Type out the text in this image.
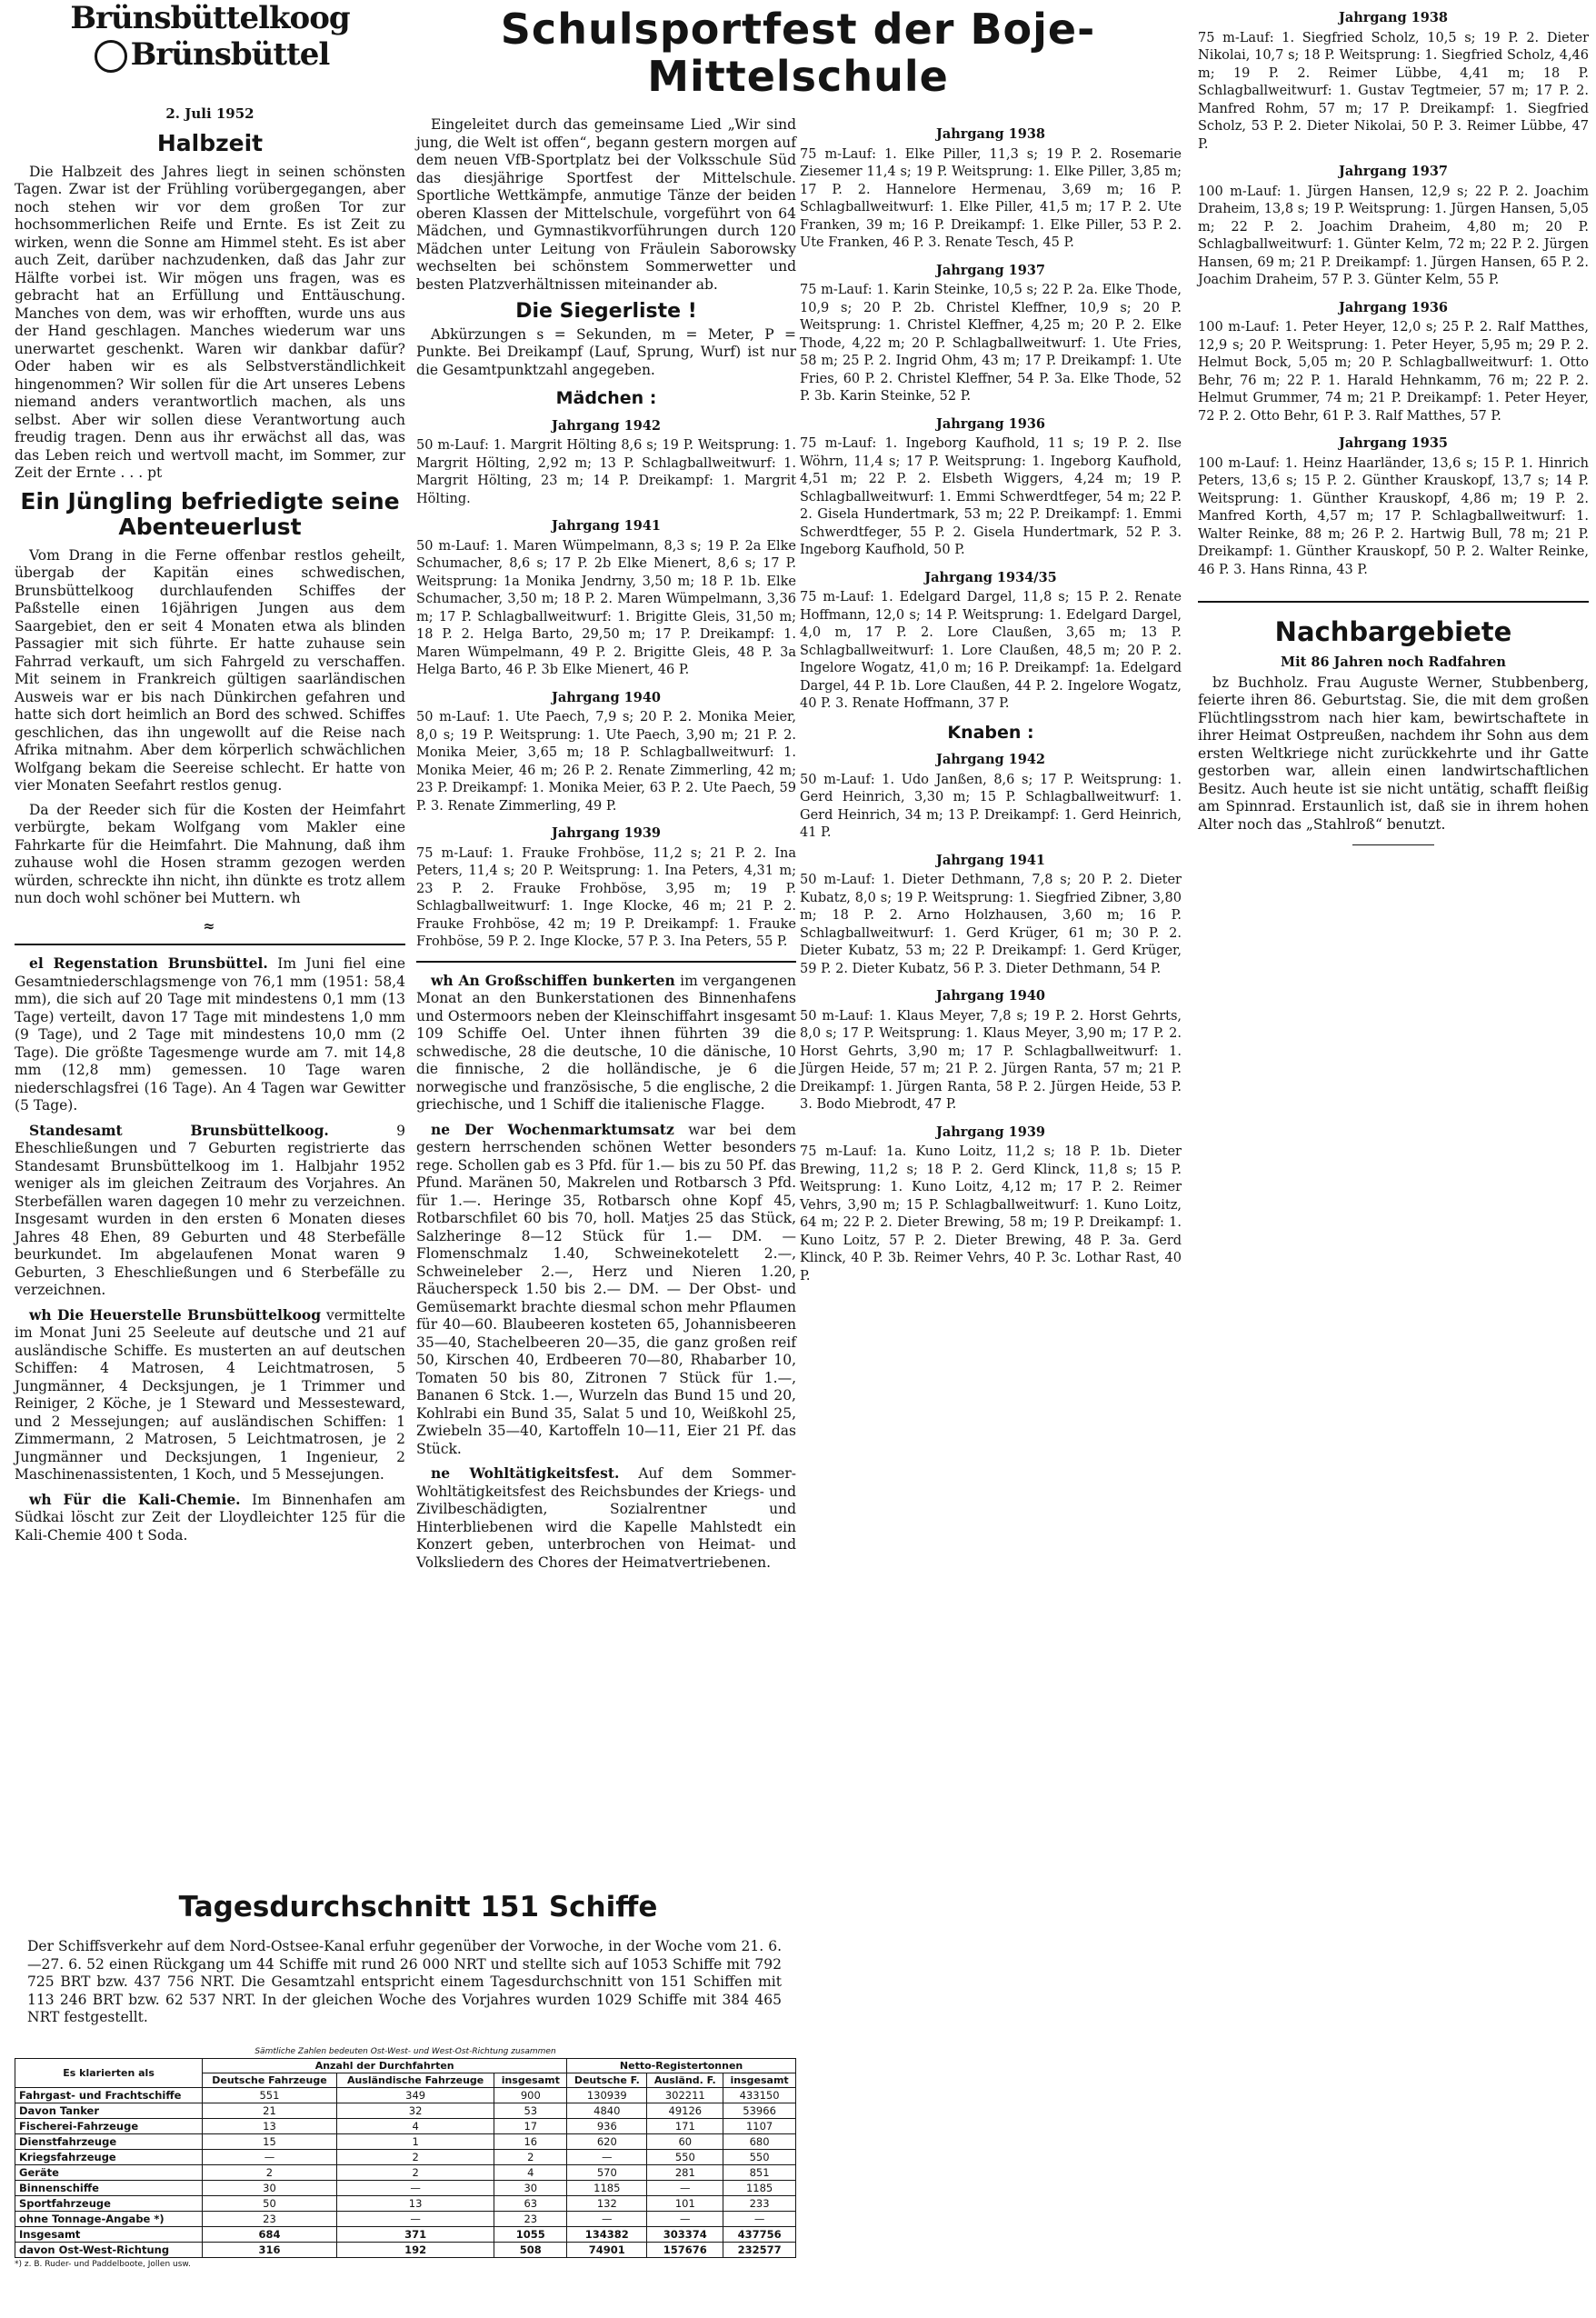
Brünsbüttelkoog
Brünsbüttel
2. Juli 1952
Halbzeit

Die Halbzeit des Jahres liegt in seinen schönsten Tagen. Zwar ist der Frühling vorübergegangen, aber noch stehen wir vor dem großen Tor zur hochsommerlichen Reife und Ernte. Es ist Zeit zu wirken, wenn die Sonne am Himmel steht. Es ist aber auch Zeit, darüber nachzudenken, daß das Jahr zur Hälfte vorbei ist. Wir mögen uns fragen, was es gebracht hat an Erfüllung und Enttäuschung. Manches von dem, was wir erhofften, wurde uns aus der Hand geschlagen. Manches wiederum war uns unerwartet geschenkt. Waren wir dankbar dafür? Oder haben wir es als Selbstverständlichkeit hingenommen? Wir sollen für die Art unseres Lebens niemand anders verantwortlich machen, als uns selbst. Aber wir sollen diese Verantwortung auch freudig tragen. Denn aus ihr erwächst all das, was das Leben reich und wertvoll macht, im Sommer, zur Zeit der Ernte . . . pt

Ein Jüngling befriedigte seine Abenteuerlust

Vom Drang in die Ferne offenbar restlos geheilt, übergab der Kapitän eines schwedischen, Brunsbüttelkoog durchlaufenden Schiffes der Paßstelle einen 16jährigen Jungen aus dem Saargebiet, den er seit 4 Monaten etwa als blinden Passagier mit sich führte. Er hatte zuhause sein Fahrrad verkauft, um sich Fahrgeld zu verschaffen. Mit seinem in Frankreich gültigen saarländischen Ausweis war er bis nach Dünkirchen gefahren und hatte sich dort heimlich an Bord des schwed. Schiffes geschlichen, das ihn ungewollt auf die Reise nach Afrika mitnahm. Aber dem körperlich schwächlichen Wolfgang bekam die Seereise schlecht. Er hatte von vier Monaten Seefahrt restlos genug.

Da der Reeder sich für die Kosten der Heimfahrt verbürgte, bekam Wolfgang vom Makler eine Fahrkarte für die Heimfahrt. Die Mahnung, daß ihm zuhause wohl die Hosen stramm gezogen werden würden, schreckte ihn nicht, ihn dünkte es trotz allem nun doch wohl schöner bei Muttern. wh

≈

el Regenstation Brunsbüttel. Im Juni fiel eine Gesamtniederschlagsmenge von 76,1 mm (1951: 58,4 mm), die sich auf 20 Tage mit mindestens 0,1 mm (13 Tage) verteilt, davon 17 Tage mit mindestens 1,0 mm (9 Tage), und 2 Tage mit mindestens 10,0 mm (2 Tage). Die größte Tagesmenge wurde am 7. mit 14,8 mm (12,8 mm) gemessen. 10 Tage waren niederschlagsfrei (16 Tage). An 4 Tagen war Gewitter (5 Tage).

Standesamt Brunsbüttelkoog. 9 Eheschließungen und 7 Geburten registrierte das Standesamt Brunsbüttelkoog im 1. Halbjahr 1952 weniger als im gleichen Zeitraum des Vorjahres. An Sterbefällen waren dagegen 10 mehr zu verzeichnen. Insgesamt wurden in den ersten 6 Monaten dieses Jahres 48 Ehen, 89 Geburten und 48 Sterbefälle beurkundet. Im abgelaufenen Monat waren 9 Geburten, 3 Eheschließungen und 6 Sterbefälle zu verzeichnen.

wh Die Heuerstelle Brunsbüttelkoog vermittelte im Monat Juni 25 Seeleute auf deutsche und 21 auf ausländische Schiffe. Es musterten an auf deutschen Schiffen: 4 Matrosen, 4 Leichtmatrosen, 5 Jungmänner, 4 Decksjungen, je 1 Trimmer und Reiniger, 2 Köche, je 1 Steward und Messesteward, und 2 Messejungen; auf ausländischen Schiffen: 1 Zimmermann, 2 Matrosen, 5 Leichtmatrosen, je 2 Jungmänner und Decksjungen, 1 Ingenieur, 2 Maschinenassistenten, 1 Koch, und 5 Messejungen.

wh Für die Kali-Chemie. Im Binnenhafen am Südkai löscht zur Zeit der Lloydleichter 125 für die Kali-Chemie 400 t Soda.

Schulsportfest der Boje-Mittelschule

Eingeleitet durch das gemeinsame Lied „Wir sind jung, die Welt ist offen“, begann gestern morgen auf dem neuen VfB-Sportplatz bei der Volksschule Süd das diesjährige Sportfest der Mittelschule. Sportliche Wettkämpfe, anmutige Tänze der beiden oberen Klassen der Mittelschule, vorgeführt von 64 Mädchen, und Gymnastikvorführungen durch 120 Mädchen unter Leitung von Fräulein Saborowsky wechselten bei schönstem Sommerwetter und besten Platzverhältnissen miteinander ab.

Die Siegerliste !

Abkürzungen s = Sekunden, m = Meter, P = Punkte. Bei Dreikampf (Lauf, Sprung, Wurf) ist nur die Gesamtpunktzahl angegeben.

Mädchen :
Jahrgang 1942

50 m-Lauf: 1. Margrit Hölting 8,6 s; 19 P. Weitsprung: 1. Margrit Hölting, 2,92 m; 13 P. Schlagballweitwurf: 1. Margrit Hölting, 23 m; 14 P. Dreikampf: 1. Margrit Hölting.

Jahrgang 1941

50 m-Lauf: 1. Maren Wümpelmann, 8,3 s; 19 P. 2a Elke Schumacher, 8,6 s; 17 P. 2b Elke Mienert, 8,6 s; 17 P. Weitsprung: 1a Monika Jendrny, 3,50 m; 18 P. 1b. Elke Schumacher, 3,50 m; 18 P. 2. Maren Wümpelmann, 3,36 m; 17 P. Schlagballweitwurf: 1. Brigitte Gleis, 31,50 m; 18 P. 2. Helga Barto, 29,50 m; 17 P. Dreikampf: 1. Maren Wümpelmann, 49 P. 2. Brigitte Gleis, 48 P. 3a Helga Barto, 46 P. 3b Elke Mienert, 46 P.

Jahrgang 1940

50 m-Lauf: 1. Ute Paech, 7,9 s; 20 P. 2. Monika Meier, 8,0 s; 19 P. Weitsprung: 1. Ute Paech, 3,90 m; 21 P. 2. Monika Meier, 3,65 m; 18 P. Schlagballweitwurf: 1. Monika Meier, 46 m; 26 P. 2. Renate Zimmerling, 42 m; 23 P. Dreikampf: 1. Monika Meier, 63 P. 2. Ute Paech, 59 P. 3. Renate Zimmerling, 49 P.

Jahrgang 1939

75 m-Lauf: 1. Frauke Frohböse, 11,2 s; 21 P. 2. Ina Peters, 11,4 s; 20 P. Weitsprung: 1. Ina Peters, 4,31 m; 23 P. 2. Frauke Frohböse, 3,95 m; 19 P. Schlagballweitwurf: 1. Inge Klocke, 46 m; 21 P. 2. Frauke Frohböse, 42 m; 19 P. Dreikampf: 1. Frauke Frohböse, 59 P. 2. Inge Klocke, 57 P. 3. Ina Peters, 55 P.

wh An Großschiffen bunkerten im vergangenen Monat an den Bunkerstationen des Binnenhafens und Ostermoors neben der Kleinschiffahrt insgesamt 109 Schiffe Oel. Unter ihnen führten 39 die schwedische, 28 die deutsche, 10 die dänische, 10 die finnische, 2 die holländische, je 6 die norwegische und französische, 5 die englische, 2 die griechische, und 1 Schiff die italienische Flagge.

ne Der Wochenmarktumsatz war bei dem gestern herrschenden schönen Wetter besonders rege. Schollen gab es 3 Pfd. für 1.— bis zu 50 Pf. das Pfund. Maränen 50, Makrelen und Rotbarsch 3 Pfd. für 1.—. Heringe 35, Rotbarsch ohne Kopf 45, Rotbarschfilet 60 bis 70, holl. Matjes 25 das Stück, Salzheringe 8—12 Stück für 1.— DM. — Flomenschmalz 1.40, Schweinekotelett 2.—, Schweineleber 2.—, Herz und Nieren 1.20, Räucherspeck 1.50 bis 2.— DM. — Der Obst- und Gemüsemarkt brachte diesmal schon mehr Pflaumen für 40—60. Blaubeeren kosteten 65, Johannisbeeren 35—40, Stachelbeeren 20—35, die ganz großen reif 50, Kirschen 40, Erdbeeren 70—80, Rhabarber 10, Tomaten 50 bis 80, Zitronen 7 Stück für 1.—, Bananen 6 Stck. 1.—, Wurzeln das Bund 15 und 20, Kohlrabi ein Bund 35, Salat 5 und 10, Weißkohl 25, Zwiebeln 35—40, Kartoffeln 10—11, Eier 21 Pf. das Stück.

ne Wohltätigkeitsfest. Auf dem Sommer-Wohltätigkeitsfest des Reichsbundes der Kriegs- und Zivilbeschädigten, Sozialrentner und Hinterbliebenen wird die Kapelle Mahlstedt ein Konzert geben, unterbrochen von Heimat- und Volksliedern des Chores der Heimatvertriebenen.

Jahrgang 1938

75 m-Lauf: 1. Elke Piller, 11,3 s; 19 P. 2. Rosemarie Ziesemer 11,4 s; 19 P. Weitsprung: 1. Elke Piller, 3,85 m; 17 P. 2. Hannelore Hermenau, 3,69 m; 16 P. Schlagballweitwurf: 1. Elke Piller, 41,5 m; 17 P. 2. Ute Franken, 39 m; 16 P. Dreikampf: 1. Elke Piller, 53 P. 2. Ute Franken, 46 P. 3. Renate Tesch, 45 P.

Jahrgang 1937

75 m-Lauf: 1. Karin Steinke, 10,5 s; 22 P. 2a. Elke Thode, 10,9 s; 20 P. 2b. Christel Kleffner, 10,9 s; 20 P. Weitsprung: 1. Christel Kleffner, 4,25 m; 20 P. 2. Elke Thode, 4,22 m; 20 P. Schlagballweitwurf: 1. Ute Fries, 58 m; 25 P. 2. Ingrid Ohm, 43 m; 17 P. Dreikampf: 1. Ute Fries, 60 P. 2. Christel Kleffner, 54 P. 3a. Elke Thode, 52 P. 3b. Karin Steinke, 52 P.

Jahrgang 1936

75 m-Lauf: 1. Ingeborg Kaufhold, 11 s; 19 P. 2. Ilse Wöhrn, 11,4 s; 17 P. Weitsprung: 1. Ingeborg Kaufhold, 4,51 m; 22 P. 2. Elsbeth Wiggers, 4,24 m; 19 P. Schlagballweitwurf: 1. Emmi Schwerdtfeger, 54 m; 22 P. 2. Gisela Hundertmark, 53 m; 22 P. Dreikampf: 1. Emmi Schwerdtfeger, 55 P. 2. Gisela Hundertmark, 52 P. 3. Ingeborg Kaufhold, 50 P.

Jahrgang 1934/35

75 m-Lauf: 1. Edelgard Dargel, 11,8 s; 15 P. 2. Renate Hoffmann, 12,0 s; 14 P. Weitsprung: 1. Edelgard Dargel, 4,0 m, 17 P. 2. Lore Claußen, 3,65 m; 13 P. Schlagballweitwurf: 1. Lore Claußen, 48,5 m; 20 P. 2. Ingelore Wogatz, 41,0 m; 16 P. Dreikampf: 1a. Edelgard Dargel, 44 P. 1b. Lore Claußen, 44 P. 2. Ingelore Wogatz, 40 P. 3. Renate Hoffmann, 37 P.

Knaben :
Jahrgang 1942

50 m-Lauf: 1. Udo Janßen, 8,6 s; 17 P. Weitsprung: 1. Gerd Heinrich, 3,30 m; 15 P. Schlagballweitwurf: 1. Gerd Heinrich, 34 m; 13 P. Dreikampf: 1. Gerd Heinrich, 41 P.

Jahrgang 1941

50 m-Lauf: 1. Dieter Dethmann, 7,8 s; 20 P. 2. Dieter Kubatz, 8,0 s; 19 P. Weitsprung: 1. Siegfried Zibner, 3,80 m; 18 P. 2. Arno Holzhausen, 3,60 m; 16 P. Schlagballweitwurf: 1. Gerd Krüger, 61 m; 30 P. 2. Dieter Kubatz, 53 m; 22 P. Dreikampf: 1. Gerd Krüger, 59 P. 2. Dieter Kubatz, 56 P. 3. Dieter Dethmann, 54 P.

Jahrgang 1940

50 m-Lauf: 1. Klaus Meyer, 7,8 s; 19 P. 2. Horst Gehrts, 8,0 s; 17 P. Weitsprung: 1. Klaus Meyer, 3,90 m; 17 P. 2. Horst Gehrts, 3,90 m; 17 P. Schlagballweitwurf: 1. Jürgen Heide, 57 m; 21 P. 2. Jürgen Ranta, 57 m; 21 P. Dreikampf: 1. Jürgen Ranta, 58 P. 2. Jürgen Heide, 53 P. 3. Bodo Miebrodt, 47 P.

Jahrgang 1939

75 m-Lauf: 1a. Kuno Loitz, 11,2 s; 18 P. 1b. Dieter Brewing, 11,2 s; 18 P. 2. Gerd Klinck, 11,8 s; 15 P. Weitsprung: 1. Kuno Loitz, 4,12 m; 17 P. 2. Reimer Vehrs, 3,90 m; 15 P. Schlagballweitwurf: 1. Kuno Loitz, 64 m; 22 P. 2. Dieter Brewing, 58 m; 19 P. Dreikampf: 1. Kuno Loitz, 57 P. 2. Dieter Brewing, 48 P. 3a. Gerd Klinck, 40 P. 3b. Reimer Vehrs, 40 P. 3c. Lothar Rast, 40 P.

Jahrgang 1938

75 m-Lauf: 1. Siegfried Scholz, 10,5 s; 19 P. 2. Dieter Nikolai, 10,7 s; 18 P. Weitsprung: 1. Siegfried Scholz, 4,46 m; 19 P. 2. Reimer Lübbe, 4,41 m; 18 P. Schlagballweitwurf: 1. Gustav Tegtmeier, 57 m; 17 P. 2. Manfred Rohm, 57 m; 17 P. Dreikampf: 1. Siegfried Scholz, 53 P. 2. Dieter Nikolai, 50 P. 3. Reimer Lübbe, 47 P.

Jahrgang 1937

100 m-Lauf: 1. Jürgen Hansen, 12,9 s; 22 P. 2. Joachim Draheim, 13,8 s; 19 P. Weitsprung: 1. Jürgen Hansen, 5,05 m; 22 P. 2. Joachim Draheim, 4,80 m; 20 P. Schlagballweitwurf: 1. Günter Kelm, 72 m; 22 P. 2. Jürgen Hansen, 69 m; 21 P. Dreikampf: 1. Jürgen Hansen, 65 P. 2. Joachim Draheim, 57 P. 3. Günter Kelm, 55 P.

Jahrgang 1936

100 m-Lauf: 1. Peter Heyer, 12,0 s; 25 P. 2. Ralf Matthes, 12,9 s; 20 P. Weitsprung: 1. Peter Heyer, 5,95 m; 29 P. 2. Helmut Bock, 5,05 m; 20 P. Schlagballweitwurf: 1. Otto Behr, 76 m; 22 P. 1. Harald Hehnkamm, 76 m; 22 P. 2. Helmut Grummer, 74 m; 21 P. Dreikampf: 1. Peter Heyer, 72 P. 2. Otto Behr, 61 P. 3. Ralf Matthes, 57 P.

Jahrgang 1935

100 m-Lauf: 1. Heinz Haarländer, 13,6 s; 15 P. 1. Hinrich Peters, 13,6 s; 15 P. 2. Günther Krauskopf, 13,7 s; 14 P. Weitsprung: 1. Günther Krauskopf, 4,86 m; 19 P. 2. Manfred Korth, 4,57 m; 17 P. Schlagballweitwurf: 1. Walter Reinke, 88 m; 26 P. 2. Hartwig Bull, 78 m; 21 P. Dreikampf: 1. Günther Krauskopf, 50 P. 2. Walter Reinke, 46 P. 3. Hans Rinna, 43 P.

Nachbargebiete
Mit 86 Jahren noch Radfahren

bz Buchholz. Frau Auguste Werner, Stubbenberg, feierte ihren 86. Geburtstag. Sie, die mit dem großen Flüchtlingsstrom nach hier kam, bewirtschaftete in ihrer Heimat Ostpreußen, nachdem ihr Sohn aus dem ersten Weltkriege nicht zurückkehrte und ihr Gatte gestorben war, allein einen landwirtschaftlichen Besitz. Auch heute ist sie nicht untätig, schafft fleißig am Spinnrad. Erstaunlich ist, daß sie in ihrem hohen Alter noch das „Stahlroß“ benutzt.

Tagesdurchschnitt 151 Schiffe
Der Schiffsverkehr auf dem Nord-Ostsee-Kanal erfuhr gegenüber der Vorwoche, in der Woche vom 21. 6.—27. 6. 52 einen Rückgang um 44 Schiffe mit rund 26 000 NRT und stellte sich auf 1053 Schiffe mit 792 725 BRT bzw. 437 756 NRT. Die Gesamtzahl entspricht einem Tagesdurchschnitt von 151 Schiffen mit 113 246 BRT bzw. 62 537 NRT. In der gleichen Woche des Vorjahres wurden 1029 Schiffe mit 384 465 NRT festgestellt.
Sämtliche Zahlen bedeuten Ost-West- und West-Ost-Richtung zusammen
Es klarierten als	Anzahl der Durchfahrten			Netto-Registertonnen		
	Deutsche Fahrzeuge	Ausländische Fahrzeuge	insgesamt	Deutsche F.	Ausländ. F.	insgesamt
Fahrgast- und Frachtschiffe	551	349	900	130939	302211	433150
Davon Tanker	21	32	53	4840	49126	53966
Fischerei-Fahrzeuge	13	4	17	936	171	1107
Dienstfahrzeuge	15	1	16	620	60	680
Kriegsfahrzeuge	—	2	2	—	550	550
Geräte	2	2	4	570	281	851
Binnenschiffe	30	—	30	1185	—	1185
Sportfahrzeuge	50	13	63	132	101	233
ohne Tonnage-Angabe *)	23	—	23	—	—	—
Insgesamt	684	371	1055	134382	303374	437756
davon Ost-West-Richtung	316	192	508	74901	157676	232577
*) z. B. Ruder- und Paddelboote, Jollen usw.
